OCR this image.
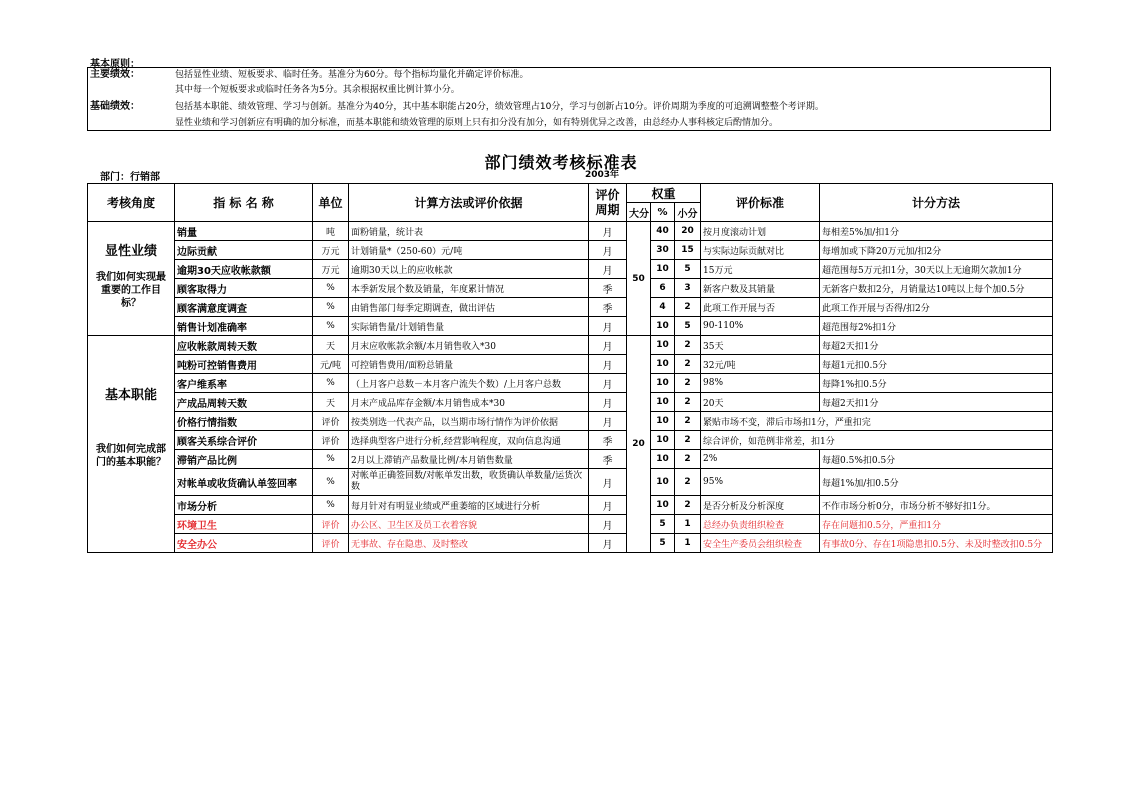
基本原则：
主要绩效：	包括显性业绩、短板要求、临时任务。基准分为60分。每个指标均量化并确定评价标准。
其中每一个短板要求或临时任务各为5分。其余根据权重比例计算小分。
基础绩效：	包括基本职能、绩效管理、学习与创新。基准分为40分，其中基本职能占20分，绩效管理占10分，学习与创新占10分。评价周期为季度的可追溯调整整个考评期。
显性业绩和学习创新应有明确的加分标准，而基本职能和绩效管理的原则上只有扣分没有加分，如有特别优异之改善，由总经办人事科核定后酌情加分。
部门绩效考核标准表
部门：行销部	2003年
考核角度	指 标 名 称	单位	计算方法或评价依据	评价周期	权重			评价标准	计分方法
					大分	%	小分		

显性业绩
我们如何实现最重要的工作目标？	销量	吨	面粉销量，统计表	月	50	40	20	按月度滚动计划	每相差5%加/扣1分
	边际贡献	万元	计划销量*（250-60）元/吨	月		30	15	与实际边际贡献对比	每增加或下降20万元加/扣2分
	逾期30天应收帐款额	万元	逾期30天以上的应收帐款	月		10	5	15万元	超范围每5万元扣1分，30天以上无逾期欠款加1分
	顾客取得力	%	本季新发展个数及销量，年度累计情况	季		6	3	新客户数及其销量	无新客户数扣2分，月销量达10吨以上每个加0.5分
	顾客满意度调查	%	由销售部门每季定期调查，做出评估	季		4	2	此项工作开展与否	此项工作开展与否得/扣2分
	销售计划准确率	%	实际销售量/计划销售量	月		10	5	90-110%	超范围每2%扣1分

基本职能
我们如何完成部门的基本职能？	应收帐款周转天数	天	月末应收帐款余额/本月销售收入*30	月	20	10	2	35天	每超2天扣1分
	吨粉可控销售费用	元/吨	可控销售费用/面粉总销量	月		10	2	32元/吨	每超1元扣0.5分
	客户维系率	%	（上月客户总数－本月客户流失个数）/上月客户总数	月		10	2	98%	每降1%扣0.5分
	产成品周转天数	天	月末产成品库存金额/本月销售成本*30	月		10	2	20天	每超2天扣1分
	价格行情指数	评价	按类别选一代表产品，以当期市场行情作为评价依据	月		10	2	紧贴市场不变，滞后市场扣1分，严重扣完	
	顾客关系综合评价	评价	选择典型客户进行分析,经营影响程度，双向信息沟通	季		10	2	综合评价，如范例非常差，扣1分	
	滞销产品比例	%	2月以上滞销产品数量比例/本月销售数量	季		10	2	2%	每超0.5%扣0.5分
	对帐单或收货确认单签回率	%	对帐单正确签回数/对帐单发出数，收货确认单数量/运货次数	月		10	2	95%	每超1%加/扣0.5分
	市场分析	%	每月针对有明显业绩或严重萎缩的区域进行分析	月		10	2	是否分析及分析深度	不作市场分析0分，市场分析不够好扣1分。
	环境卫生	评价	办公区、卫生区及员工衣着容貌	月		5	1	总经办负责组织检查	存在问题扣0.5分，严重扣1分
	安全办公	评价	无事故、存在隐患、及时整改	月		5	1	安全生产委员会组织检查	有事故0分、存在1项隐患扣0.5分、未及时整改扣0.5分
